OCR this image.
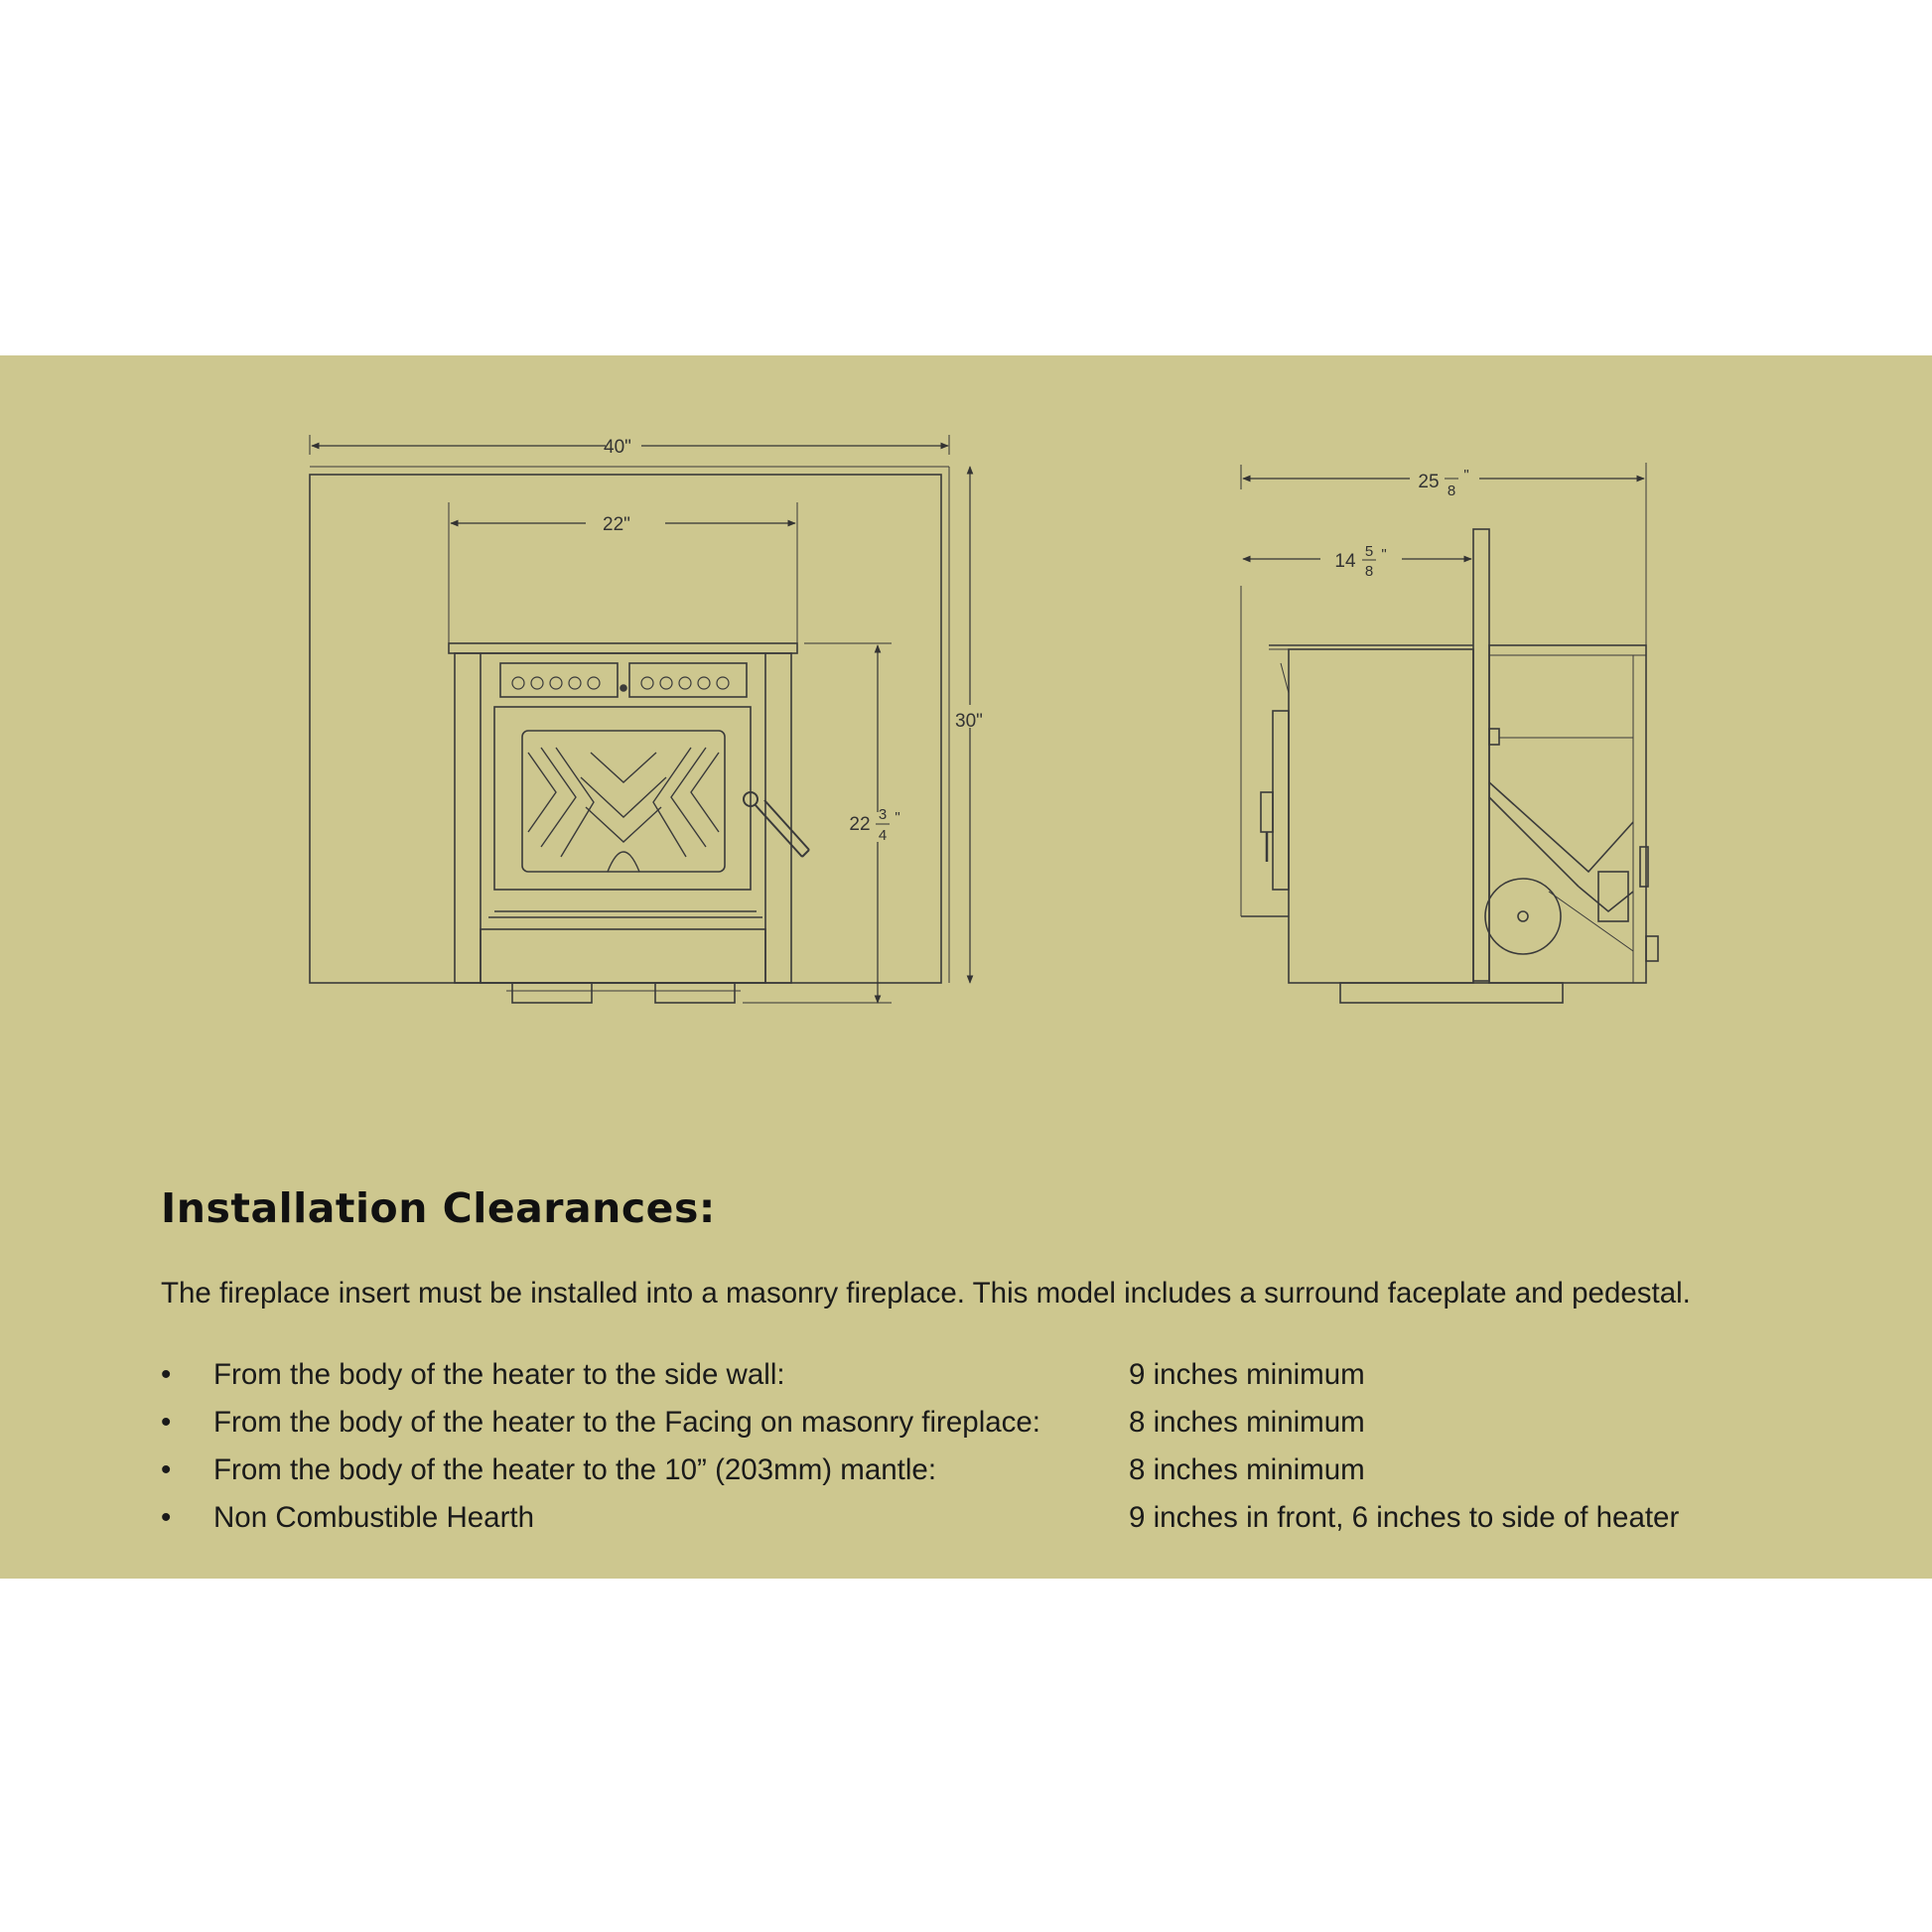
40"
22"
30"
22 3
4
"
25 8
"
14 5
8
"
Installation Clearances:

The fireplace insert must be installed into a masonry fireplace. This model includes a surround faceplate and pedestal.

• From the body of the heater to the side wall:	9 inches minimum
• From the body of the heater to the Facing on masonry fireplace:	8 inches minimum
• From the body of the heater to the 10” (203mm) mantle:	8 inches minimum
• Non Combustible Hearth	9 inches in front, 6 inches to side of heater
